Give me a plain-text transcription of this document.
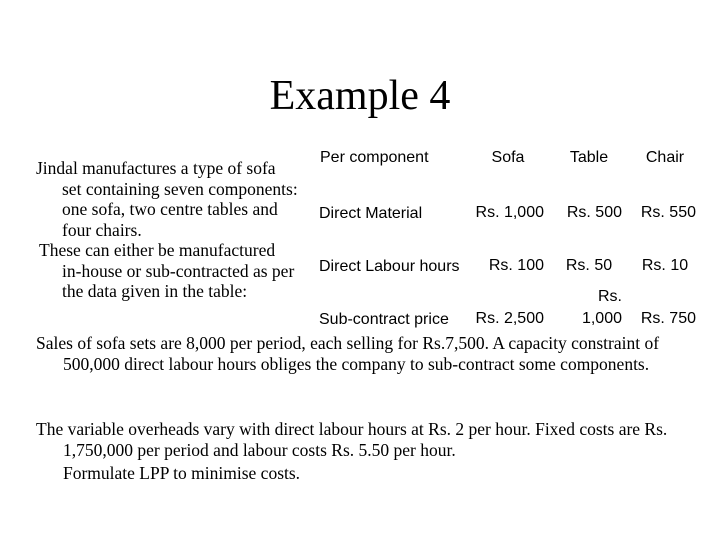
Example 4

Jindal manufactures a type of sofa set containing seven components: one sofa, two centre tables and four chairs.

These can either be manufactured in-house or sub-contracted as per the data given in the table:

Per component	Sofa	Table	Chair
Direct Material	Rs. 1,000	Rs. 500	Rs. 550
Direct Labour hours	Rs. 100	Rs. 50	Rs. 10
Sub-contract price	Rs. 2,500	Rs. 1,000	Rs. 750

Sales of sofa sets are 8,000 per period, each selling for Rs.7,500. A capacity constraint of 500,000 direct labour hours obliges the company to sub-contract some components.

The variable overheads vary with direct labour hours at Rs. 2 per hour. Fixed costs are Rs. 1,750,000 per period and labour costs Rs. 5.50 per hour.

Formulate LPP to minimise costs.
